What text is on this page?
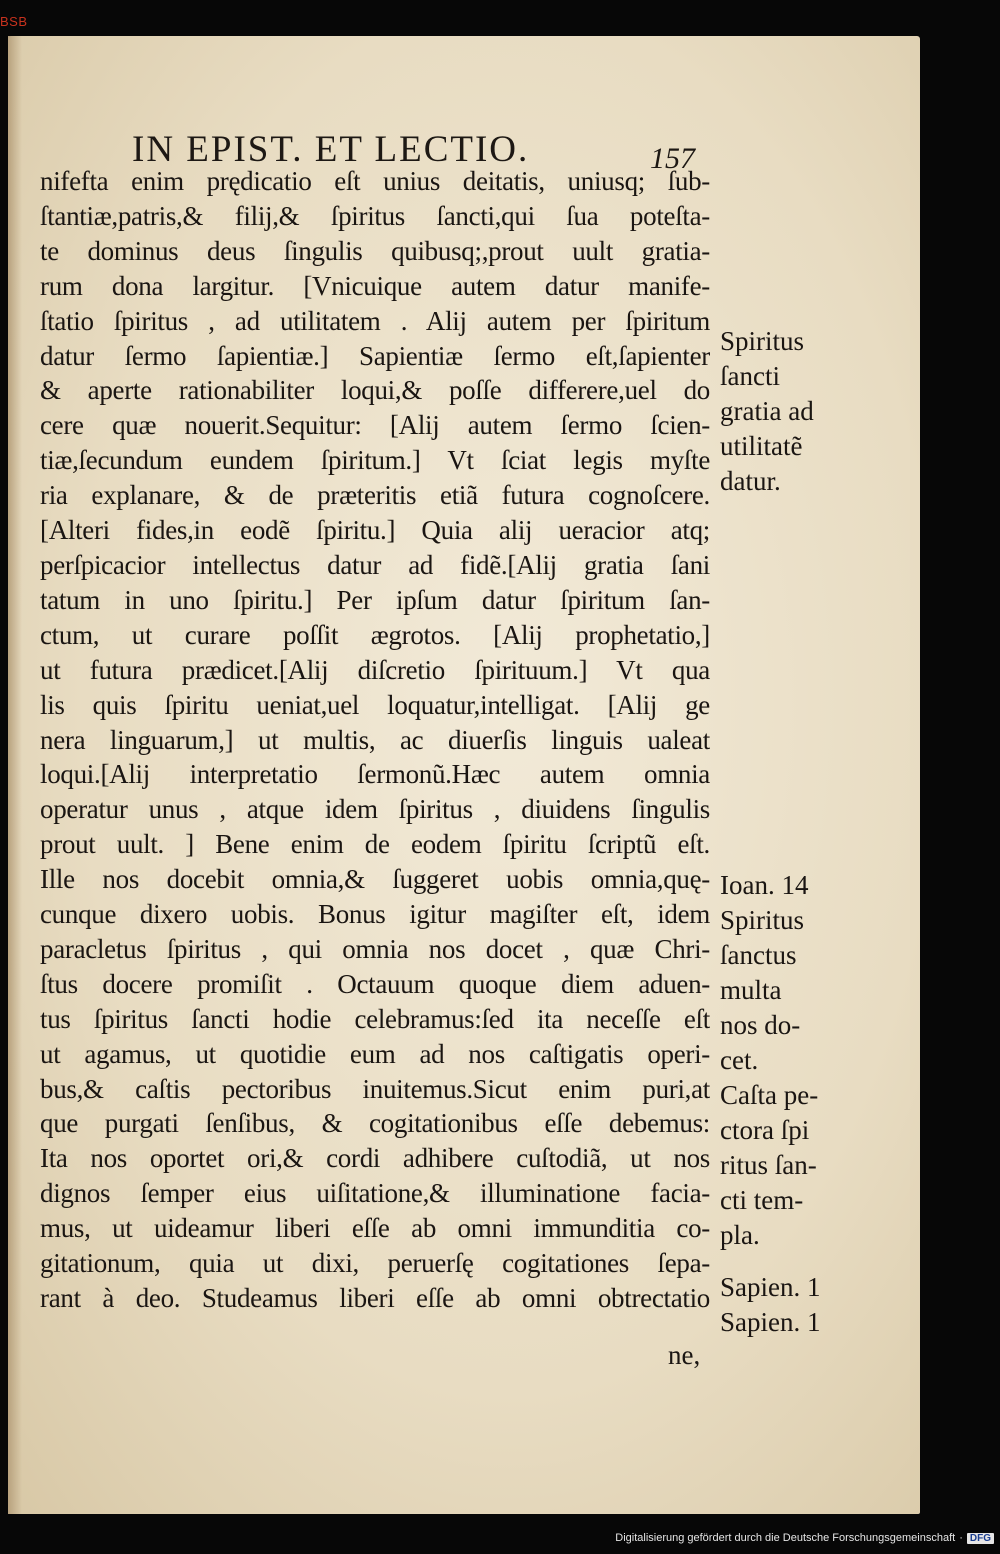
BSB
IN EPIST. ET LECTIO.	157
nifefta enim prędicatio eſt unius deitatis, uniusq; ſub-
ſtantiæ,patris,& filij,& ſpiritus ſancti,qui ſua poteſta-
te dominus deus ſingulis quibusq;,prout uult gratia-
rum dona largitur. [Vnicuique autem datur manife-
ſtatio ſpiritus , ad utilitatem . Alij autem per ſpiritum
datur ſermo ſapientiæ.] Sapientiæ ſermo eſt,ſapienter
& aperte rationabiliter loqui,& poſſe differere,uel do
cere quæ nouerit.Sequitur: [Alij autem ſermo ſcien-
tiæ,ſecundum eundem ſpiritum.] Vt ſciat legis myſte
ria explanare, & de præteritis etiã futura cognoſcere.
[Alteri fides,in eodẽ ſpiritu.] Quia alij ueracior atq;
perſpicacior intellectus datur ad fidẽ.[Alij gratia ſani
tatum in uno ſpiritu.] Per ipſum datur ſpiritum ſan-
ctum, ut curare poſſit ægrotos. [Alij prophetatio,]
ut futura prædicet.[Alij diſcretio ſpirituum.] Vt qua
lis quis ſpiritu ueniat,uel loquatur,intelligat. [Alij ge
nera linguarum,] ut multis, ac diuerſis linguis ualeat
loqui.[Alij interpretatio ſermonũ.Hæc autem omnia
operatur unus , atque idem ſpiritus , diuidens ſingulis
prout uult. ] Bene enim de eodem ſpiritu ſcriptũ eſt.
Ille nos docebit omnia,& ſuggeret uobis omnia,quę-
cunque dixero uobis. Bonus igitur magiſter eſt, idem
paracletus ſpiritus , qui omnia nos docet , quæ Chri-
ſtus docere promiſit . Octauum quoque diem aduen-
tus ſpiritus ſancti hodie celebramus:ſed ita neceſſe eſt
ut agamus, ut quotidie eum ad nos caſtigatis operi-
bus,& caſtis pectoribus inuitemus.Sicut enim puri,at
que purgati ſenſibus, & cogitationibus eſſe debemus:
Ita nos oportet ori,& cordi adhibere cuſtodiã, ut nos
dignos ſemper eius uiſitatione,& illuminatione facia-
mus, ut uideamur liberi eſſe ab omni immunditia co-
gitationum, quia ut dixi, peruerſę cogitationes ſepa-
rant à deo. Studeamus liberi eſſe ab omni obtrectatio
ne,
Spiritus
ſancti
gratia ad
utilitatẽ
datur.
Ioan. 14
Spiritus
ſanctus
multa
nos do-
cet.
Caſta pe-
ctora ſpi
ritus ſan-
cti tem-
pla.
Sapien. 1
Sapien. 1
Digitalisierung gefördert durch die Deutsche Forschungsgemeinschaft · DFG
